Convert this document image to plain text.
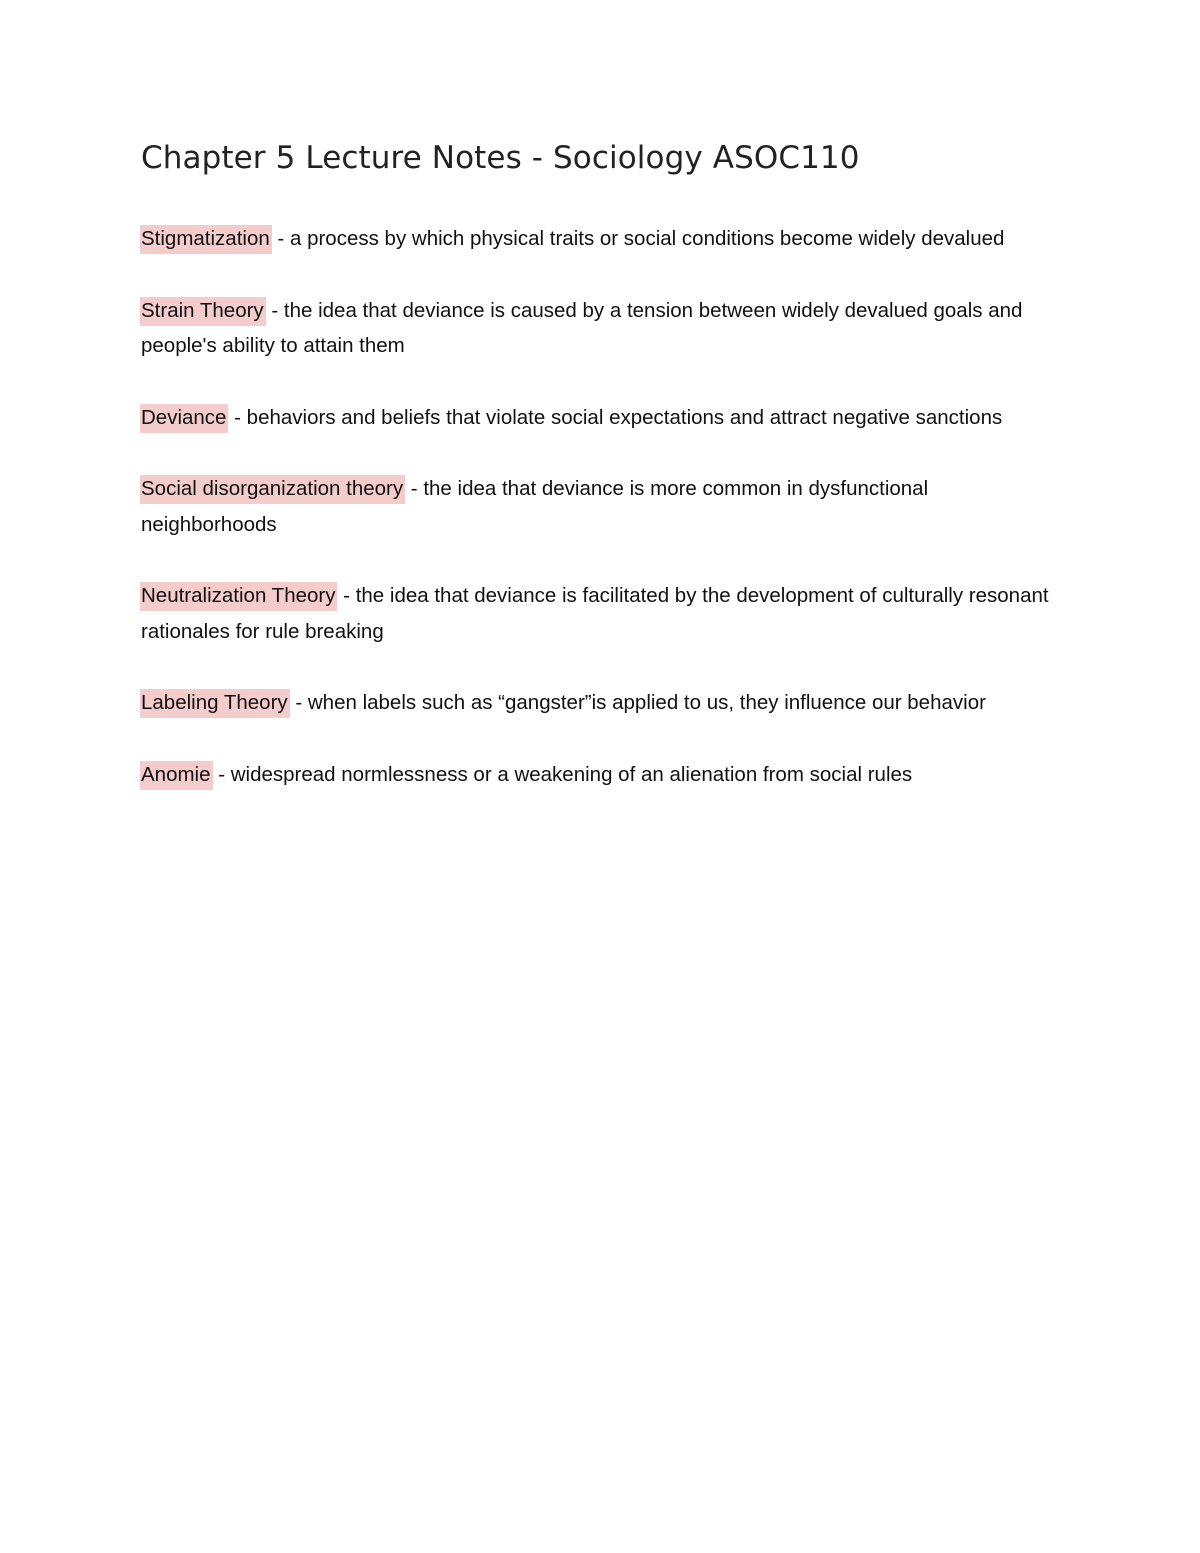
Chapter 5 Lecture Notes - Sociology ASOC110
Stigmatization - a process by which physical traits or social conditions become widely devalued
Strain Theory - the idea that deviance is caused by a tension between widely devalued goals and people's ability to attain them
Deviance - behaviors and beliefs that violate social expectations and attract negative sanctions
Social disorganization theory - the idea that deviance is more common in dysfunctional neighborhoods
Neutralization Theory - the idea that deviance is facilitated by the development of culturally resonant rationales for rule breaking
Labeling Theory - when labels such as “gangster”is applied to us, they influence our behavior
Anomie - widespread normlessness or a weakening of an alienation from social rules
